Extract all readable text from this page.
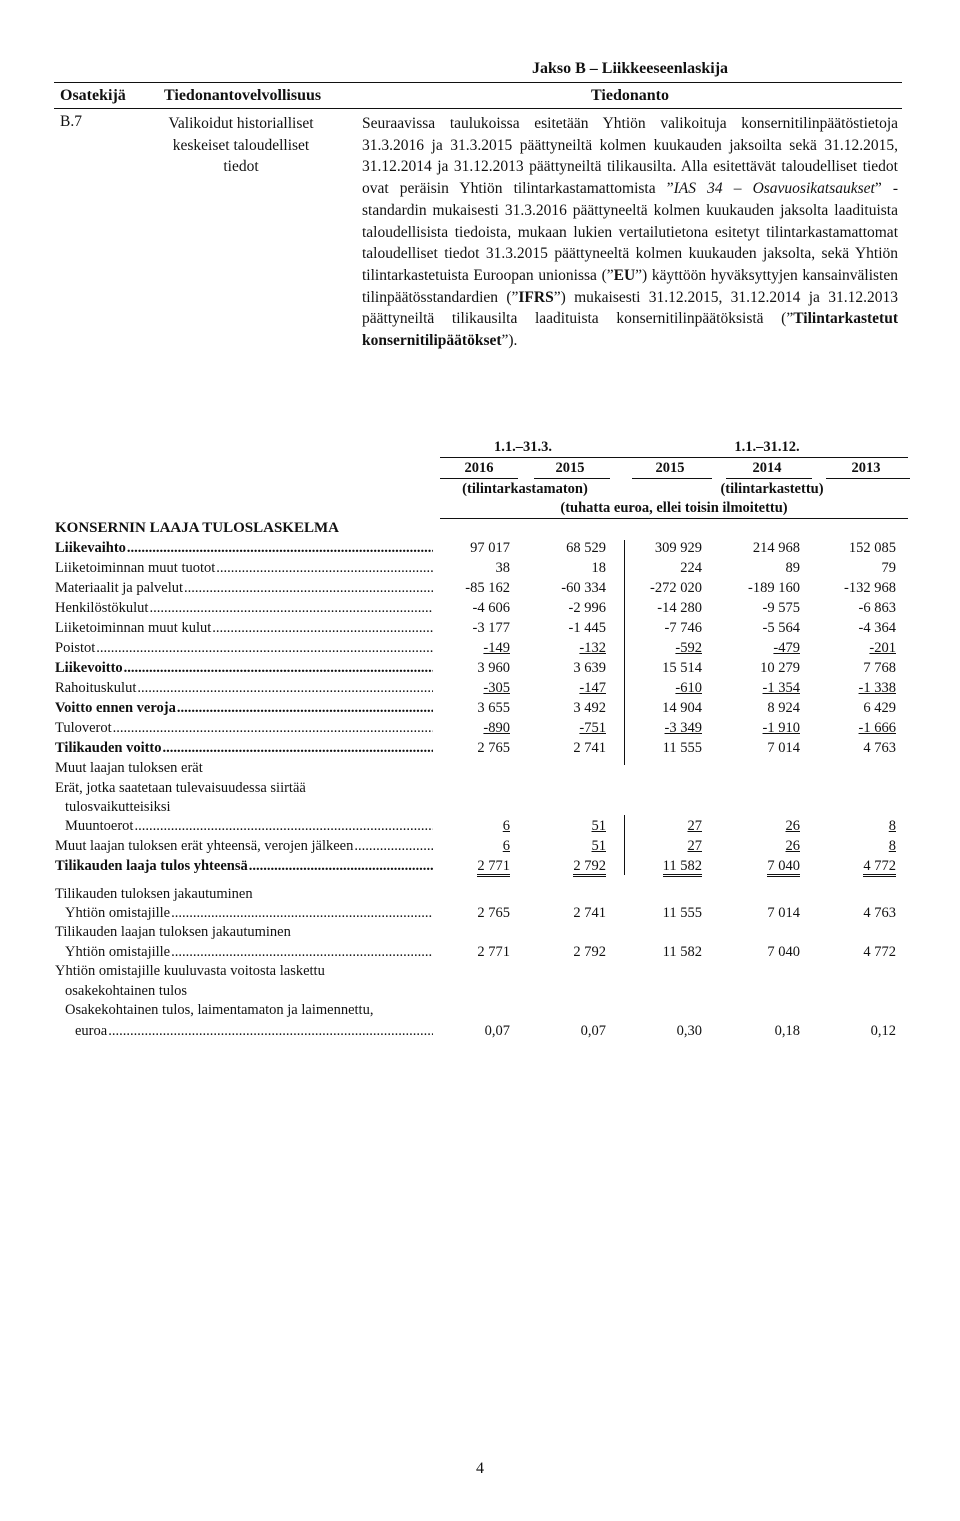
Jakso B – Liikkeeseenlaskija
Osatekijä Tiedonantovelvollisuus	Tiedonanto
B.7	Valikoidut historialliset
keskeiset taloudelliset
tiedot
Seuraavissa taulukoissa esitetään Yhtiön valikoituja konsernitilinpäätöstietoja 31.3.2016 ja 31.3.2015 päättyneiltä kolmen kuukauden jaksoilta sekä 31.12.2015, 31.12.2014 ja 31.12.2013 päättyneiltä tilikausilta. Alla esitettävät taloudelliset tiedot ovat peräisin Yhtiön tilintarkastamattomista ”IAS 34 – Osavuosikatsaukset” -standardin mukaisesti 31.3.2016 päättyneeltä kolmen kuukauden jaksolta laadituista taloudellisista tiedoista, mukaan lukien vertailutietona esitetyt tilintarkastamattomat taloudelliset tiedot 31.3.2015 päättyneeltä kolmen kuukauden jaksolta, sekä Yhtiön tilintarkastetuista Euroopan unionissa (”EU”) käyttöön hyväksyttyjen kansainvälisten tilinpäätösstandardien (”IFRS”) mukaisesti 31.12.2015, 31.12.2014 ja 31.12.2013 päättyneiltä tilikausilta laadituista konsernitilinpäätöksistä (”Tilintarkastetut konsernitilipäätökset”).
1.1.–31.3.	1.1.–31.12.
2016	2015	2015	2014	2013
(tilintarkastamaton)	(tilintarkastettu)
(tuhatta euroa, ellei toisin ilmoitettu)
KONSERNIN LAAJA TULOSLASKELMA
Liikevaihto .....	97 017	68 529	309 929	214 968	152 085
Liiketoiminnan muut tuotot .....	38	18	224	89	79
Materiaalit ja palvelut .....	-85 162	-60 334	-272 020	-189 160	-132 968
Henkilöstökulut .....	-4 606	-2 996	-14 280	-9 575	-6 863
Liiketoiminnan muut kulut .....	-3 177	-1 445	-7 746	-5 564	-4 364
Poistot .....	-149	-132	-592	-479	-201
Liikevoitto .....	3 960	3 639	15 514	10 279	7 768
Rahoituskulut .....	-305	-147	-610	-1 354	-1 338
Voitto ennen veroja .....	3 655	3 492	14 904	8 924	6 429
Tuloverot .....	-890	-751	-3 349	-1 910	-1 666
Tilikauden voitto .....	2 765	2 741	11 555	7 014	4 763
Muut laajan tuloksen erät
Erät, jotka saatetaan tulevaisuudessa siirtää
tulosvaikutteisiksi
Muuntoerot .....	6	51	27	26	8
Muut laajan tuloksen erät yhteensä, verojen jälkeen .....	6	51	27	26	8
Tilikauden laaja tulos yhteensä .....	2 771	2 792	11 582	7 040	4 772
Tilikauden tuloksen jakautuminen
Yhtiön omistajille .....	2 765	2 741	11 555	7 014	4 763
Tilikauden laajan tuloksen jakautuminen
Yhtiön omistajille .....	2 771	2 792	11 582	7 040	4 772
Yhtiön omistajille kuuluvasta voitosta laskettu
osakekohtainen tulos
Osakekohtainen tulos, laimentamaton ja laimennettu,
euroa .....	0,07	0,07	0,30	0,18	0,12
4
